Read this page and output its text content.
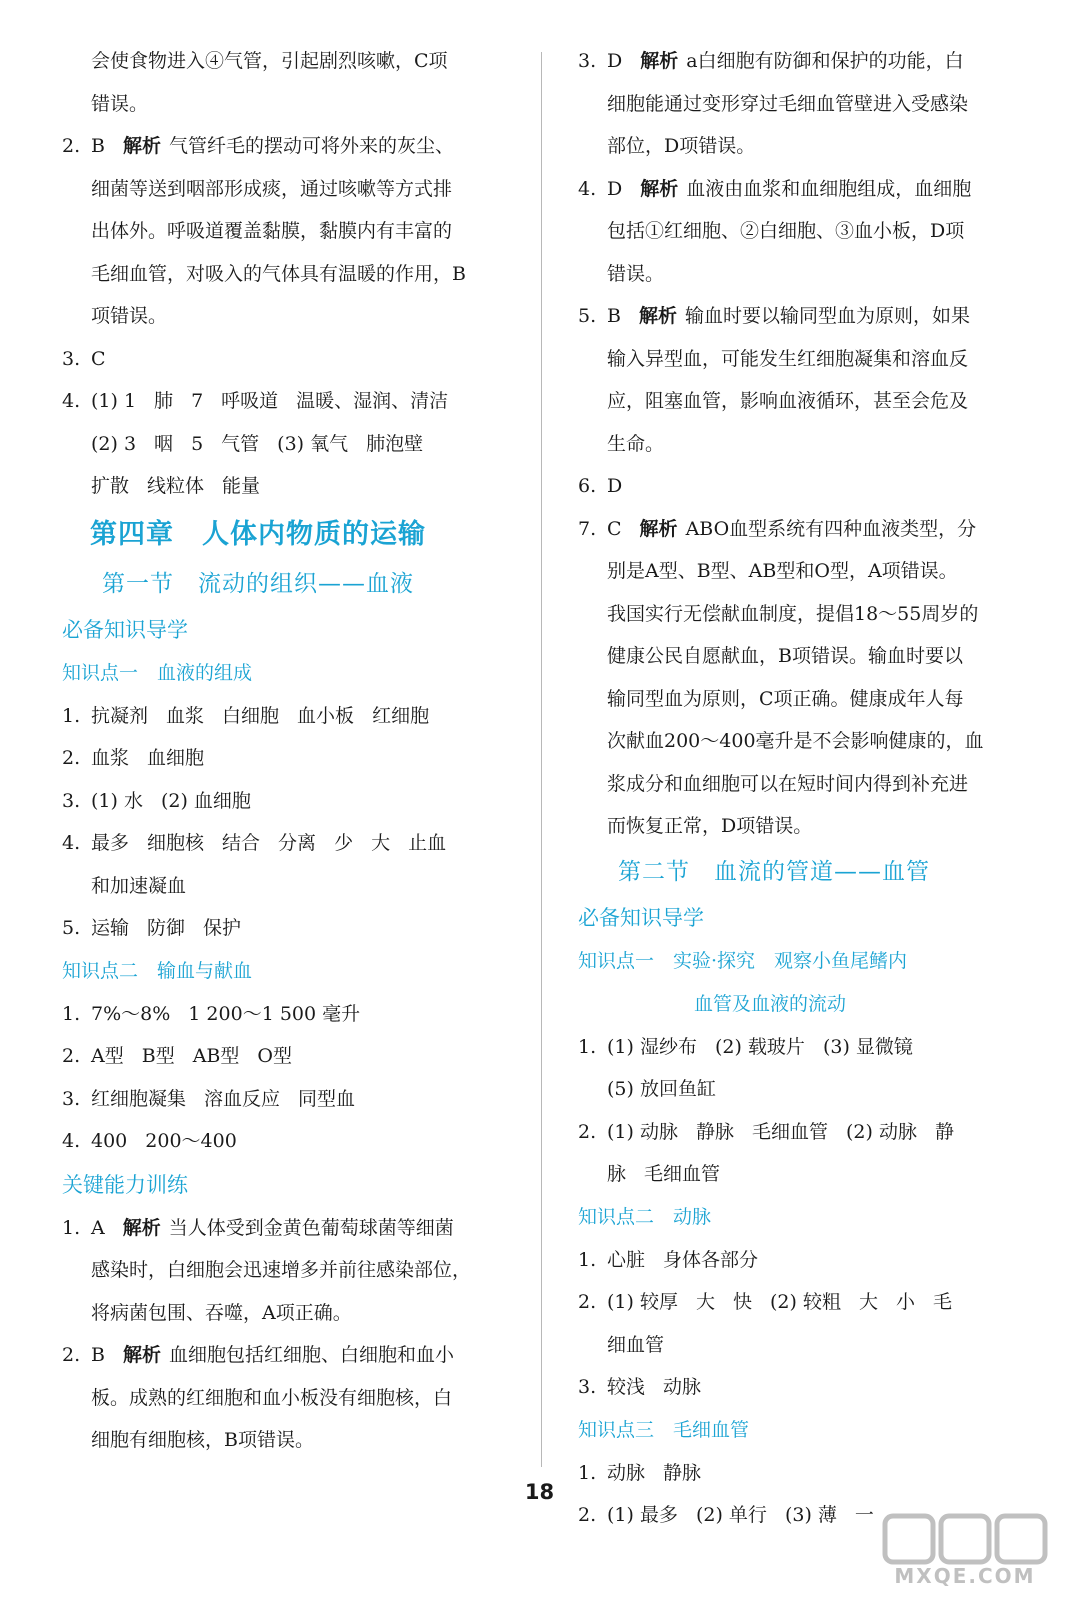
会使食物进入④气管，引起剧烈咳嗽，C项
错误。
2. B 解析 气管纤毛的摆动可将外来的灰尘、
细菌等送到咽部形成痰，通过咳嗽等方式排
出体外。呼吸道覆盖黏膜，黏膜内有丰富的
毛细血管，对吸入的气体具有温暖的作用，B
项错误。
3. C
4. (1) 1 肺 7 呼吸道 温暖、湿润、清洁
(2) 3 咽 5 气管 (3) 氧气 肺泡壁
扩散 线粒体 能量
第四章　人体内物质的运输
第一节　流动的组织——血液
必备知识导学
知识点一　血液的组成
1. 抗凝剂 血浆 白细胞 血小板 红细胞
2. 血浆 血细胞
3. (1) 水 (2) 血细胞
4. 最多 细胞核 结合 分离 少 大 止血
和加速凝血
5. 运输 防御 保护
知识点二　输血与献血
1. 7%～8% 1 200～1 500 毫升
2. A型 B型 AB型 O型
3. 红细胞凝集 溶血反应 同型血
4. 400 200～400
关键能力训练
1. A 解析 当人体受到金黄色葡萄球菌等细菌
感染时，白细胞会迅速增多并前往感染部位，
将病菌包围、吞噬，A项正确。
2. B 解析 血细胞包括红细胞、白细胞和血小
板。成熟的红细胞和血小板没有细胞核，白
细胞有细胞核，B项错误。
3. D 解析 a白细胞有防御和保护的功能，白
细胞能通过变形穿过毛细血管壁进入受感染
部位，D项错误。
4. D 解析 血液由血浆和血细胞组成，血细胞
包括①红细胞、②白细胞、③血小板，D项
错误。
5. B 解析 输血时要以输同型血为原则，如果
输入异型血，可能发生红细胞凝集和溶血反
应，阻塞血管，影响血液循环，甚至会危及
生命。
6. D
7. C 解析 ABO血型系统有四种血液类型，分
别是A型、B型、AB型和O型，A项错误。
我国实行无偿献血制度，提倡18～55周岁的
健康公民自愿献血，B项错误。输血时要以
输同型血为原则，C项正确。健康成年人每
次献血200～400毫升是不会影响健康的，血
浆成分和血细胞可以在短时间内得到补充进
而恢复正常，D项错误。
第二节　血流的管道——血管
必备知识导学
知识点一　实验·探究　观察小鱼尾鳍内
血管及血液的流动
1. (1) 湿纱布 (2) 载玻片 (3) 显微镜
(5) 放回鱼缸
2. (1) 动脉 静脉 毛细血管 (2) 动脉 静
脉 毛细血管
知识点二　动脉
1. 心脏 身体各部分
2. (1) 较厚 大 快 (2) 较粗 大 小 毛
细血管
3. 较浅 动脉
知识点三　毛细血管
1. 动脉 静脉
2. (1) 最多 (2) 单行 (3) 薄 一
18
MXQE.COM
